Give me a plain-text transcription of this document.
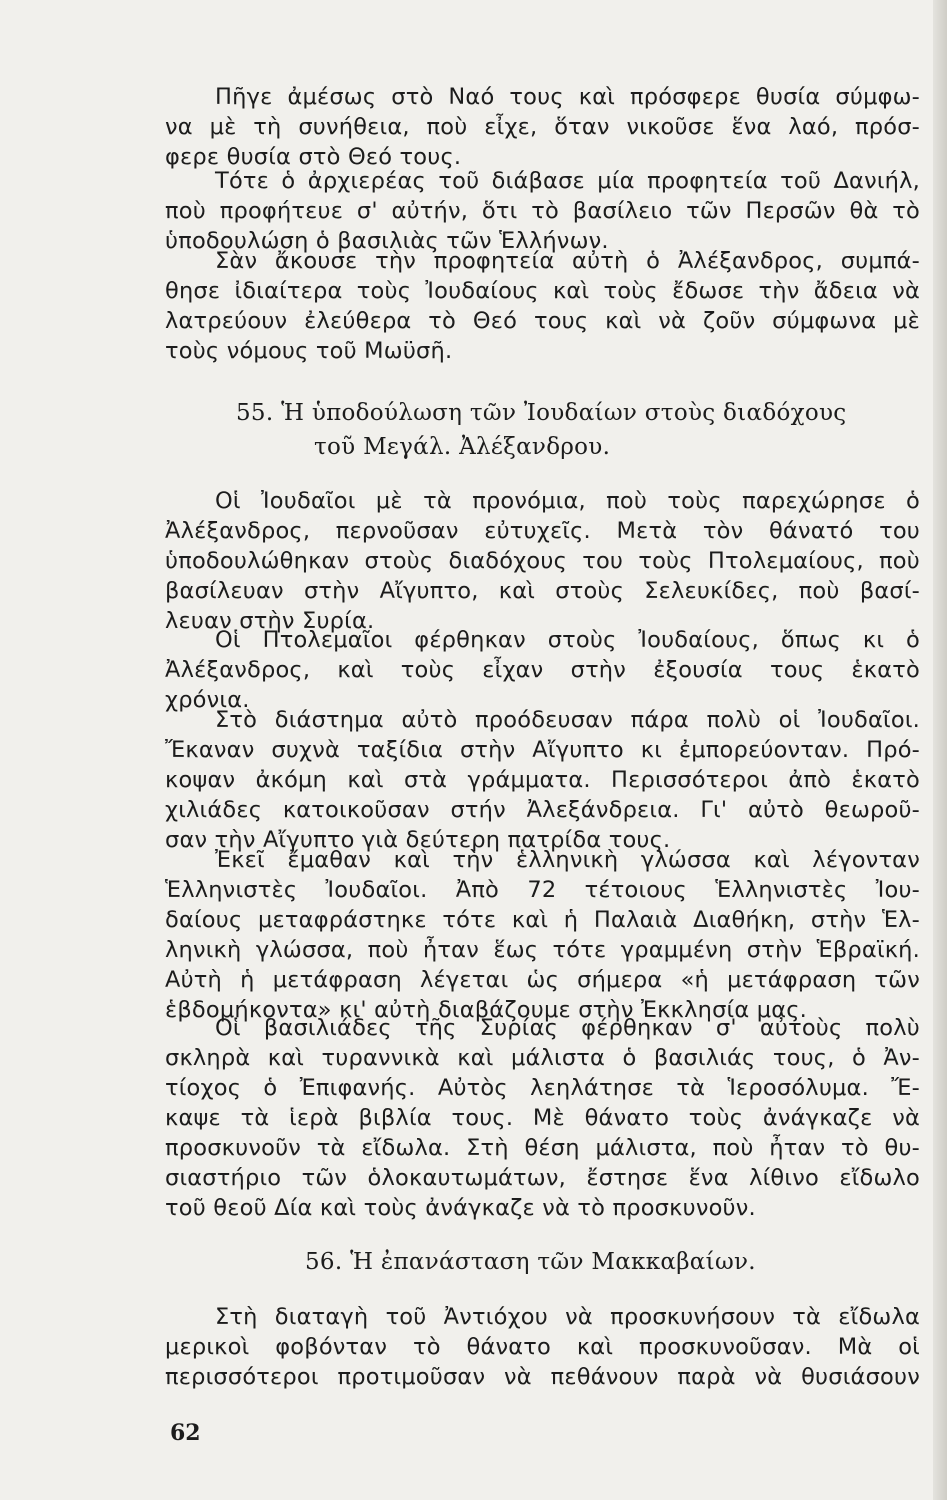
Πῆγε ἀμέσως στὸ Ναό τους καὶ πρόσφερε θυσία σύμφω-
να μὲ τὴ συνήθεια, ποὺ εἶχε, ὅταν νικοῦσε ἕνα λαό, πρόσ-
φερε θυσία στὸ Θεό τους.
Τότε ὁ ἀρχιερέας τοῦ διάβασε μία προφητεία τοῦ Δανιήλ,
ποὺ προφήτευε σ' αὐτήν, ὅτι τὸ βασίλειο τῶν Περσῶν θὰ τὸ
ὑποδουλώση ὁ βασιλιὰς τῶν Ἑλλήνων.
Σὰν ἄκουσε τὴν προφητεία αὐτὴ ὁ Ἀλέξανδρος, συμπά-
θησε ἰδιαίτερα τοὺς Ἰουδαίους καὶ τοὺς ἔδωσε τὴν ἄδεια νὰ
λατρεύουν ἐλεύθερα τὸ Θεό τους καὶ νὰ ζοῦν σύμφωνα μὲ
τοὺς νόμους τοῦ Μωϋσῆ.
55. Ἡ ὑποδούλωση τῶν Ἰουδαίων στοὺς διαδόχους
τοῦ Μεγάλ. Ἀλέξανδρου.
Οἱ Ἰουδαῖοι μὲ τὰ προνόμια, ποὺ τοὺς παρεχώρησε ὁ
Ἀλέξανδρος, περνοῦσαν εὐτυχεῖς. Μετὰ τὸν θάνατό του
ὑποδουλώθηκαν στοὺς διαδόχους του τοὺς Πτολεμαίους, ποὺ
βασίλευαν στὴν Αἴγυπτο, καὶ στοὺς Σελευκίδες, ποὺ βασί-
λευαν στὴν Συρία.
Οἱ Πτολεμαῖοι φέρθηκαν στοὺς Ἰουδαίους, ὅπως κι ὁ
Ἀλέξανδρος, καὶ τοὺς εἶχαν στὴν ἐξουσία τους ἑκατὸ
χρόνια.
Στὸ διάστημα αὐτὸ προόδευσαν πάρα πολὺ οἱ Ἰουδαῖοι.
Ἔκαναν συχνὰ ταξίδια στὴν Αἴγυπτο κι ἐμπορεύονταν. Πρό-
κοψαν ἀκόμη καὶ στὰ γράμματα. Περισσότεροι ἀπὸ ἑκατὸ
χιλιάδες κατοικοῦσαν στήν Ἀλεξάνδρεια. Γι' αὐτὸ θεωροῦ-
σαν τὴν Αἴγυπτο γιὰ δεύτερη πατρίδα τους.
Ἐκεῖ ἔμαθαν καὶ τὴν ἑλληνικὴ γλώσσα καὶ λέγονταν
Ἑλληνιστὲς Ἰουδαῖοι. Ἀπὸ 72 τέτοιους Ἑλληνιστὲς Ἰου-
δαίους μεταφράστηκε τότε καὶ ἡ Παλαιὰ Διαθήκη, στὴν Ἑλ-
ληνικὴ γλώσσα, ποὺ ἦταν ἕως τότε γραμμένη στὴν Ἑβραϊκή.
Αὐτὴ ἡ μετάφραση λέγεται ὡς σήμερα «ἡ μετάφραση τῶν
ἑβδομήκοντα» κι' αὐτὴ διαβάζουμε στὴν Ἐκκλησία μας.
Οἱ βασιλιάδες τῆς Συρίας φέρθηκαν σ' αὐτοὺς πολὺ
σκληρὰ καὶ τυραννικὰ καὶ μάλιστα ὁ βασιλιάς τους, ὁ Ἀν-
τίοχος ὁ Ἐπιφανής. Αὐτὸς λεηλάτησε τὰ Ἱεροσόλυμα. Ἔ-
καψε τὰ ἱερὰ βιβλία τους. Μὲ θάνατο τοὺς ἀνάγκαζε νὰ
προσκυνοῦν τὰ εἴδωλα. Στὴ θέση μάλιστα, ποὺ ἦταν τὸ θυ-
σιαστήριο τῶν ὁλοκαυτωμάτων, ἔστησε ἕνα λίθινο εἴδωλο
τοῦ θεοῦ Δία καὶ τοὺς ἀνάγκαζε νὰ τὸ προσκυνοῦν.
56. Ἡ ἐπανάσταση τῶν Μακκαβαίων.
Στὴ διαταγὴ τοῦ Ἀντιόχου νὰ προσκυνήσουν τὰ εἴδωλα
μερικοὶ φοβόνταν τὸ θάνατο καὶ προσκυνοῦσαν. Μὰ οἱ
περισσότεροι προτιμοῦσαν νὰ πεθάνουν παρὰ νὰ θυσιάσουν
62
